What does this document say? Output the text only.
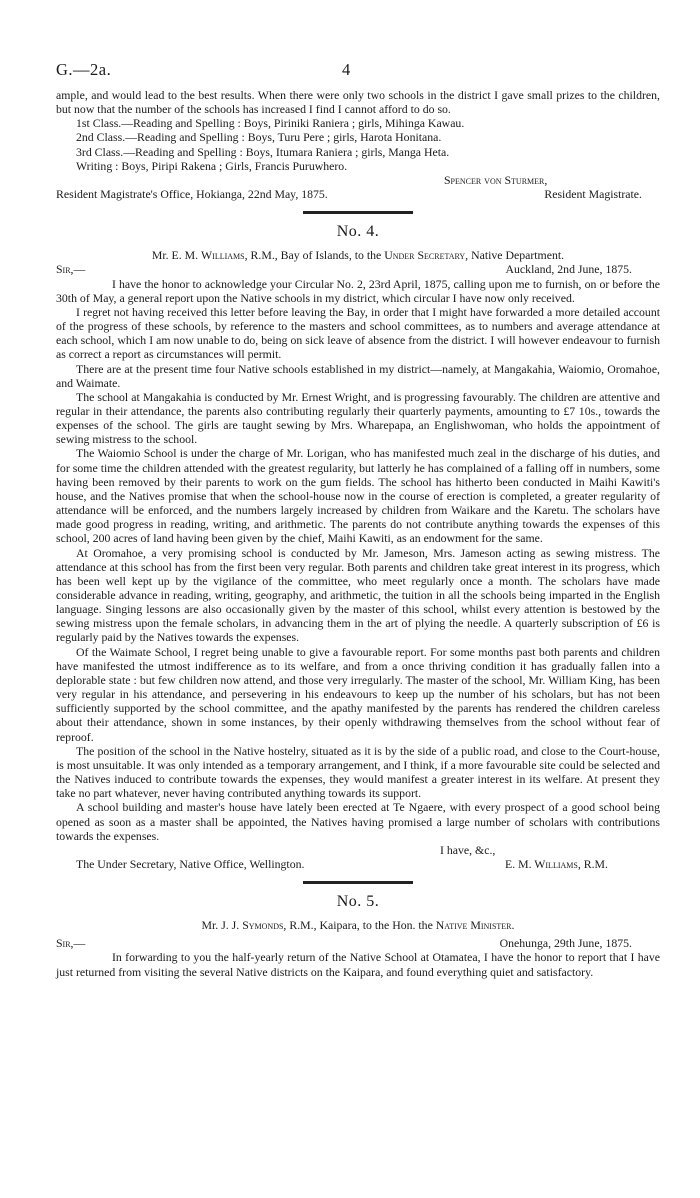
G.—2a.	4

ample, and would lead to the best results. When there were only two schools in the district I gave small prizes to the children, but now that the number of the schools has increased I find I cannot afford to do so.

1st Class.—Reading and Spelling : Boys, Piriniki Raniera ; girls, Mihinga Kawau.
2nd Class.—Reading and Spelling : Boys, Turu Pere ; girls, Harota Honitana.
3rd Class.—Reading and Spelling : Boys, Itumara Raniera ; girls, Manga Heta.
Writing : Boys, Piripi Rakena ; Girls, Francis Puruwhero.
Spencer von Sturmer,
Resident Magistrate's Office, Hokianga, 22nd May, 1875.	Resident Magistrate.
No. 4.
Mr. E. M. Williams, R.M., Bay of Islands, to the Under Secretary, Native Department.
Sir,—	Auckland, 2nd June, 1875.

I have the honor to acknowledge your Circular No. 2, 23rd April, 1875, calling upon me to furnish, on or before the 30th of May, a general report upon the Native schools in my district, which circular I have now only received.

I regret not having received this letter before leaving the Bay, in order that I might have forwarded a more detailed account of the progress of these schools, by reference to the masters and school committees, as to numbers and average attendance at each school, which I am now unable to do, being on sick leave of absence from the district. I will however endeavour to furnish as correct a report as circumstances will permit.

There are at the present time four Native schools established in my district—namely, at Mangakahia, Waiomio, Oromahoe, and Waimate.

The school at Mangakahia is conducted by Mr. Ernest Wright, and is progressing favourably. The children are attentive and regular in their attendance, the parents also contributing regularly their quarterly payments, amounting to £7 10s., towards the expenses of the school. The girls are taught sewing by Mrs. Wharepapa, an Englishwoman, who holds the appointment of sewing mistress to the school.

The Waiomio School is under the charge of Mr. Lorigan, who has manifested much zeal in the discharge of his duties, and for some time the children attended with the greatest regularity, but latterly he has complained of a falling off in numbers, some having been removed by their parents to work on the gum fields. The school has hitherto been conducted in Maihi Kawiti's house, and the Natives promise that when the school-house now in the course of erection is completed, a greater regularity of attendance will be enforced, and the numbers largely increased by children from Waikare and the Karetu. The scholars have made good progress in reading, writing, and arithmetic. The parents do not contribute anything towards the expenses of this school, 200 acres of land having been given by the chief, Maihi Kawiti, as an endowment for the same.

At Oromahoe, a very promising school is conducted by Mr. Jameson, Mrs. Jameson acting as sewing mistress. The attendance at this school has from the first been very regular. Both parents and children take great interest in its progress, which has been well kept up by the vigilance of the committee, who meet regularly once a month. The scholars have made considerable advance in reading, writing, geography, and arithmetic, the tuition in all the schools being imparted in the English language. Singing lessons are also occasionally given by the master of this school, whilst every attention is bestowed by the sewing mistress upon the female scholars, in advancing them in the art of plying the needle. A quarterly subscription of £6 is regularly paid by the Natives towards the expenses.

Of the Waimate School, I regret being unable to give a favourable report. For some months past both parents and children have manifested the utmost indifference as to its welfare, and from a once thriving condition it has gradually fallen into a deplorable state : but few children now attend, and those very irregularly. The master of the school, Mr. William King, has been very regular in his attendance, and persevering in his endeavours to keep up the number of his scholars, but has not been sufficiently supported by the school committee, and the apathy manifested by the parents has rendered the children careless about their attendance, shown in some instances, by their openly withdrawing themselves from the school without fear of reproof.

The position of the school in the Native hostelry, situated as it is by the side of a public road, and close to the Court-house, is most unsuitable. It was only intended as a temporary arrangement, and I think, if a more favourable site could be selected and the Natives induced to contribute towards the expenses, they would manifest a greater interest in its welfare. At present they take no part whatever, never having contributed anything towards its support.

A school building and master's house have lately been erected at Te Ngaere, with every prospect of a good school being opened as soon as a master shall be appointed, the Natives having promised a large number of scholars with contributions towards the expenses.

I have, &c.,
The Under Secretary, Native Office, Wellington.	E. M. Williams, R.M.
No. 5.
Mr. J. J. Symonds, R.M., Kaipara, to the Hon. the Native Minister.
Sir,—	Onehunga, 29th June, 1875.

In forwarding to you the half-yearly return of the Native School at Otamatea, I have the honor to report that I have just returned from visiting the several Native districts on the Kaipara, and found everything quiet and satisfactory.
